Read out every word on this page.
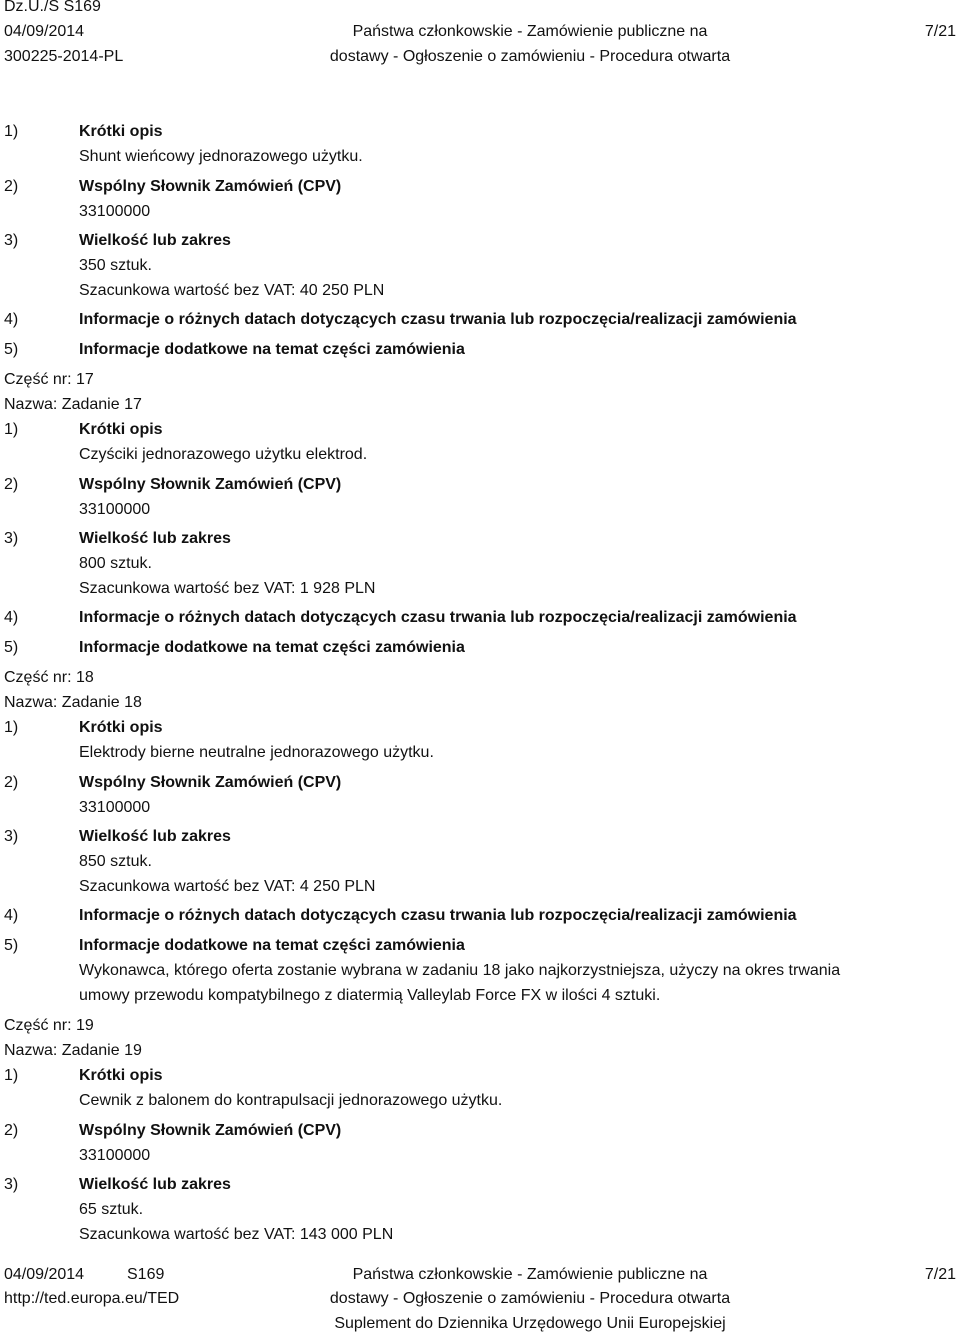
Dz.U./S S169
04/09/2014
300225-2014-PL
Państwa członkowskie - Zamówienie publiczne na
dostawy - Ogłoszenie o zamówieniu - Procedura otwarta
7/21
1)	Krótki opis
Shunt wieńcowy jednorazowego użytku.
2)	Wspólny Słownik Zamówień (CPV)
33100000
3)	Wielkość lub zakres
350 sztuk.
Szacunkowa wartość bez VAT: 40 250 PLN
4)	Informacje o różnych datach dotyczących czasu trwania lub rozpoczęcia/realizacji zamówienia
5)	Informacje dodatkowe na temat części zamówienia
Część nr: 17
Nazwa: Zadanie 17
1)	Krótki opis
Czyściki jednorazowego użytku elektrod.
2)	Wspólny Słownik Zamówień (CPV)
33100000
3)	Wielkość lub zakres
800 sztuk.
Szacunkowa wartość bez VAT: 1 928 PLN
4)	Informacje o różnych datach dotyczących czasu trwania lub rozpoczęcia/realizacji zamówienia
5)	Informacje dodatkowe na temat części zamówienia
Część nr: 18
Nazwa: Zadanie 18
1)	Krótki opis
Elektrody bierne neutralne jednorazowego użytku.
2)	Wspólny Słownik Zamówień (CPV)
33100000
3)	Wielkość lub zakres
850 sztuk.
Szacunkowa wartość bez VAT: 4 250 PLN
4)	Informacje o różnych datach dotyczących czasu trwania lub rozpoczęcia/realizacji zamówienia
5)	Informacje dodatkowe na temat części zamówienia
Wykonawca, którego oferta zostanie wybrana w zadaniu 18 jako najkorzystniejsza, użyczy na okres trwania
umowy przewodu kompatybilnego z diatermią Valleylab Force FX w ilości 4 sztuki.
Część nr: 19
Nazwa: Zadanie 19
1)	Krótki opis
Cewnik z balonem do kontrapulsacji jednorazowego użytku.
2)	Wspólny Słownik Zamówień (CPV)
33100000
3)	Wielkość lub zakres
65 sztuk.
Szacunkowa wartość bez VAT: 143 000 PLN
04/09/2014	S169
http://ted.europa.eu/TED
Państwa członkowskie - Zamówienie publiczne na
dostawy - Ogłoszenie o zamówieniu - Procedura otwarta
Suplement do Dziennika Urzędowego Unii Europejskiej
7/21
